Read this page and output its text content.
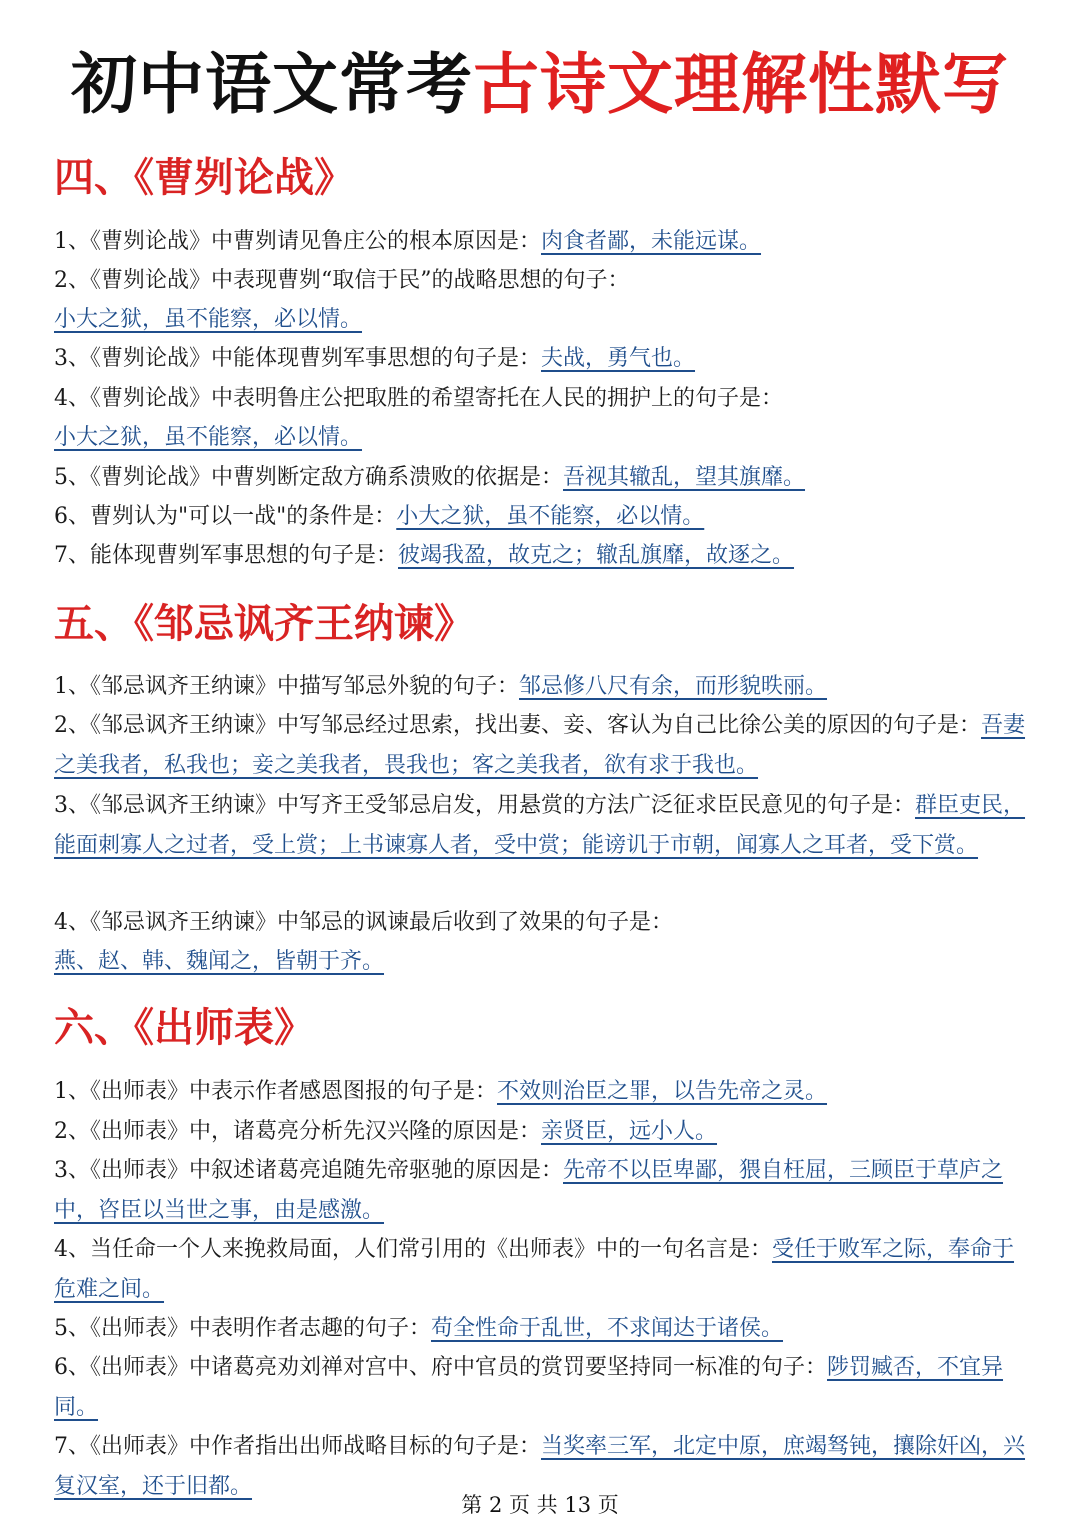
初中语文常考古诗文理解性默写
四、《曹刿论战》
1、《曹刿论战》中曹刿请见鲁庄公的根本原因是：肉食者鄙，未能远谋。
2、《曹刿论战》中表现曹刿“取信于民”的战略思想的句子：
小大之狱，虽不能察，必以情。
3、《曹刿论战》中能体现曹刿军事思想的句子是：夫战，勇气也。
4、《曹刿论战》中表明鲁庄公把取胜的希望寄托在人民的拥护上的句子是：
小大之狱，虽不能察，必以情。
5、《曹刿论战》中曹刿断定敌方确系溃败的依据是：吾视其辙乱，望其旗靡。
6、曹刿认为"可以一战"的条件是：小大之狱，虽不能察，必以情。
7、能体现曹刿军事思想的句子是：彼竭我盈，故克之；辙乱旗靡，故逐之。
五、《邹忌讽齐王纳谏》
1、《邹忌讽齐王纳谏》中描写邹忌外貌的句子：邹忌修八尺有余，而形貌昳丽。
2、《邹忌讽齐王纳谏》中写邹忌经过思索，找出妻、妾、客认为自己比徐公美的原因的句子是：吾妻之美我者，私我也；妾之美我者，畏我也；客之美我者，欲有求于我也。
3、《邹忌讽齐王纳谏》中写齐王受邹忌启发，用悬赏的方法广泛征求臣民意见的句子是：群臣吏民，能面刺寡人之过者，受上赏；上书谏寡人者，受中赏；能谤讥于市朝，闻寡人之耳者，受下赏。
4、《邹忌讽齐王纳谏》中邹忌的讽谏最后收到了效果的句子是：
燕、赵、韩、魏闻之，皆朝于齐。
六、《出师表》
1、《出师表》中表示作者感恩图报的句子是：不效则治臣之罪，以告先帝之灵。
2、《出师表》中，诸葛亮分析先汉兴隆的原因是：亲贤臣，远小人。
3、《出师表》中叙述诸葛亮追随先帝驱驰的原因是：先帝不以臣卑鄙，猥自枉屈，三顾臣于草庐之中，咨臣以当世之事，由是感激。
4、当任命一个人来挽救局面，人们常引用的《出师表》中的一句名言是：受任于败军之际，奉命于危难之间。
5、《出师表》中表明作者志趣的句子：苟全性命于乱世，不求闻达于诸侯。
6、《出师表》中诸葛亮劝刘禅对宫中、府中官员的赏罚要坚持同一标准的句子：陟罚臧否，不宜异同。
7、《出师表》中作者指出出师战略目标的句子是：当奖率三军，北定中原，庶竭驽钝，攘除奸凶，兴复汉室，还于旧都。
第 2 页 共 13 页
